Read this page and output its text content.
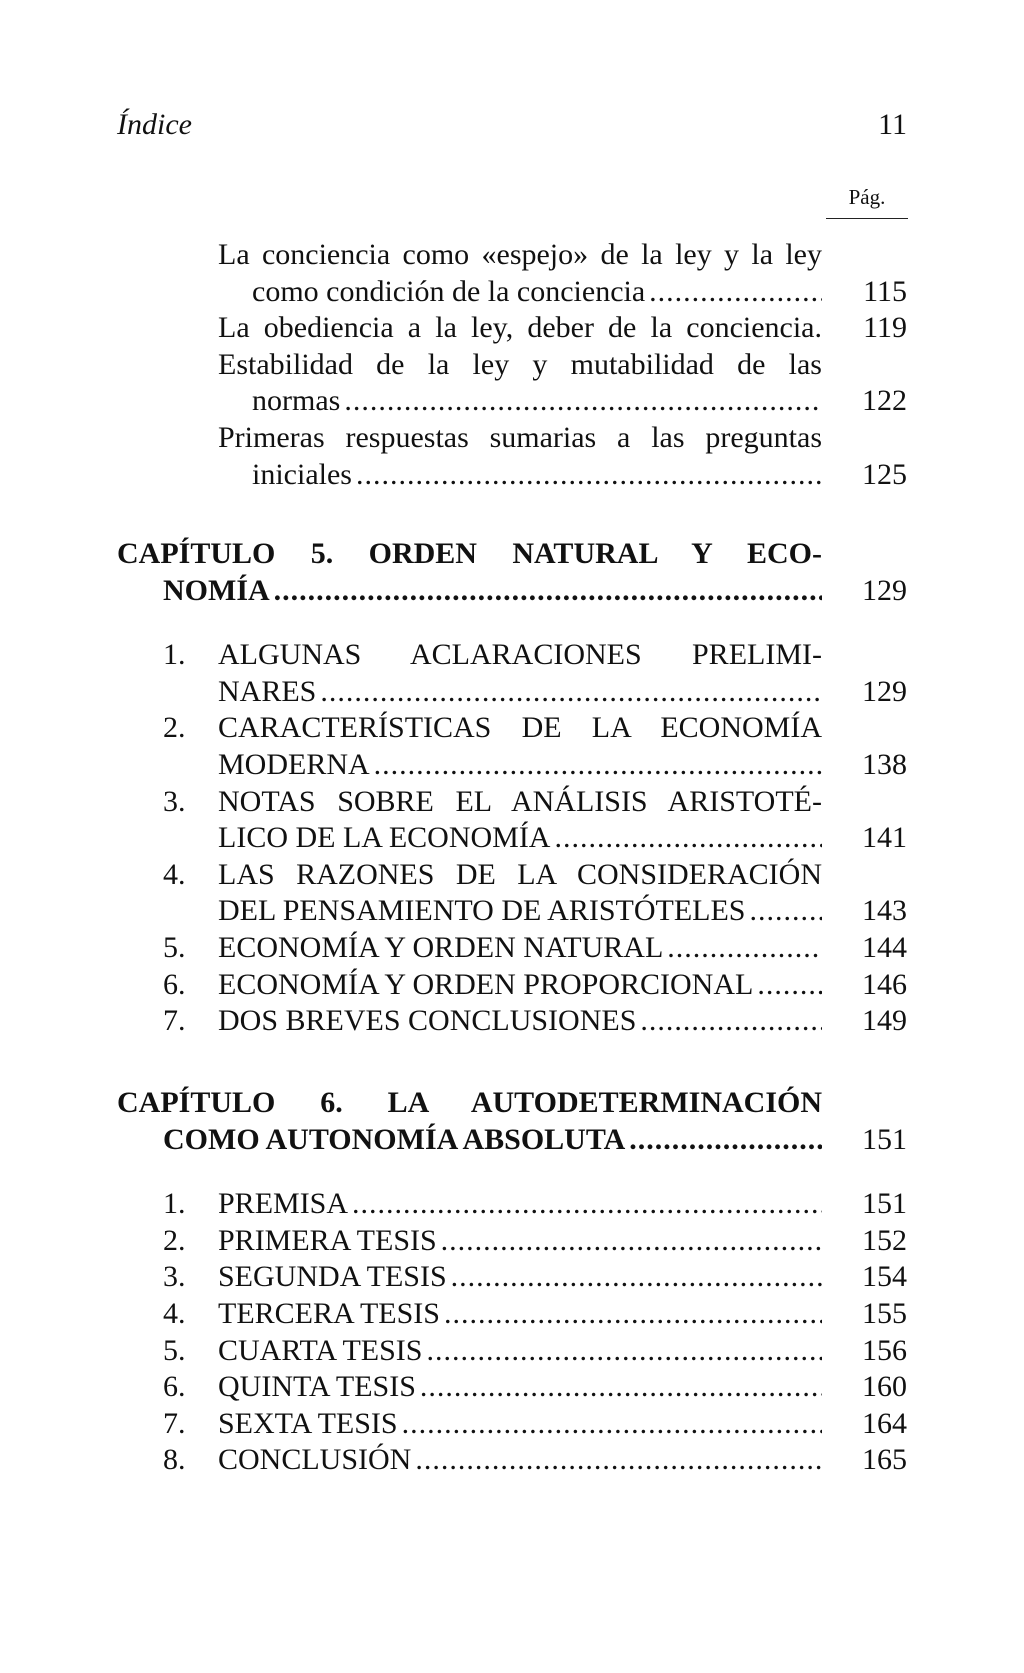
Índice	11
Pág.
La conciencia como «espejo» de la ley y la ley
como condición de la conciencia .....	115
La obediencia a la ley, deber de la conciencia.	119
Estabilidad de la ley y mutabilidad de las
normas .....	122
Primeras respuestas sumarias a las preguntas
iniciales .....	125
CAPÍTULO 5. ORDEN NATURAL Y ECO-
NOMÍA .....	129
1.	ALGUNAS ACLARACIONES PRELIMI-
NARES .....	129
2.	CARACTERÍSTICAS DE LA ECONOMÍA
MODERNA .....	138
3.	NOTAS SOBRE EL ANÁLISIS ARISTOTÉ-
LICO DE LA ECONOMÍA .....	141
4.	LAS RAZONES DE LA CONSIDERACIÓN
DEL PENSAMIENTO DE ARISTÓTELES .....	143
5.	ECONOMÍA Y ORDEN NATURAL .....	144
6.	ECONOMÍA Y ORDEN PROPORCIONAL .....	146
7.	DOS BREVES CONCLUSIONES .....	149
CAPÍTULO 6. LA AUTODETERMINACIÓN
COMO AUTONOMÍA ABSOLUTA .....	151
1.	PREMISA .....	151
2.	PRIMERA TESIS .....	152
3.	SEGUNDA TESIS .....	154
4.	TERCERA TESIS .....	155
5.	CUARTA TESIS .....	156
6.	QUINTA TESIS .....	160
7.	SEXTA TESIS .....	164
8.	CONCLUSIÓN .....	165
